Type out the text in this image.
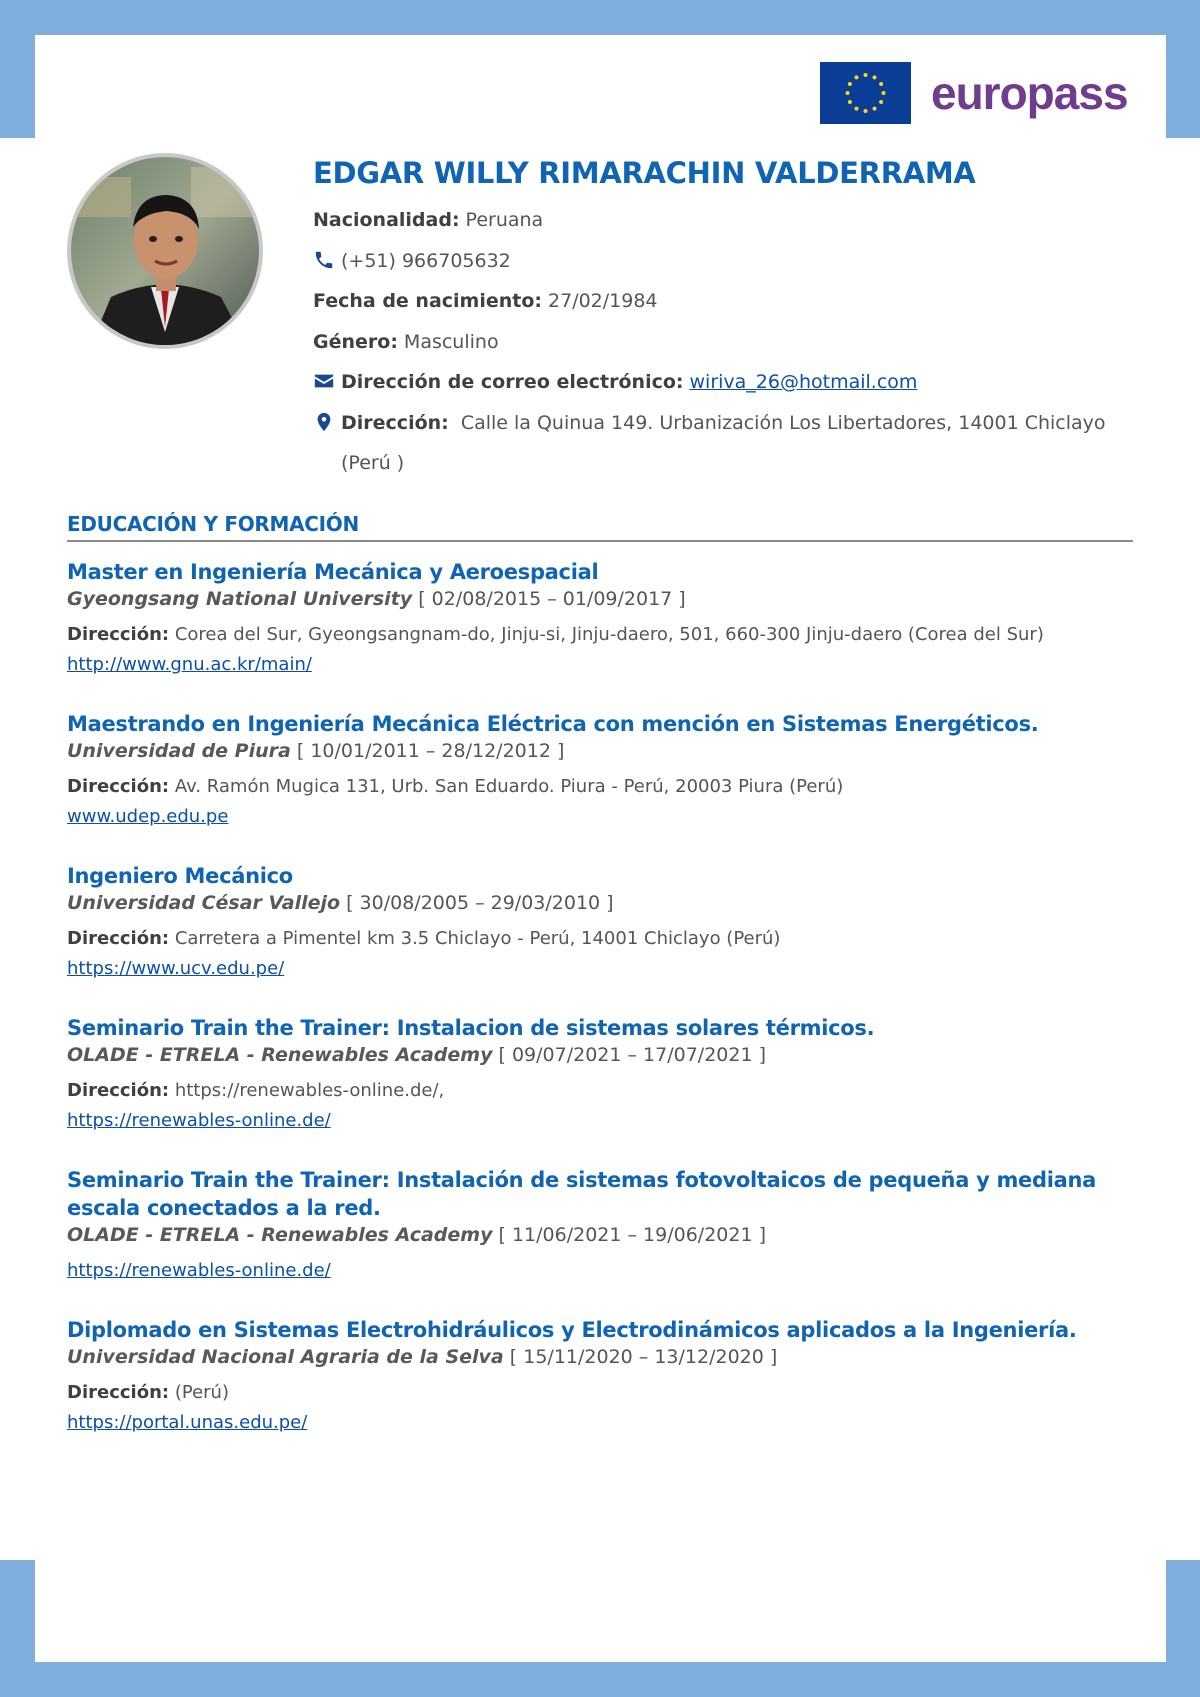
europass
EDGAR WILLY RIMARACHIN VALDERRAMA
Nacionalidad: Peruana
(+51) 966705632
Fecha de nacimiento: 27/02/1984
Género: Masculino
Dirección de correo electrónico: wiriva_26@hotmail.com
Dirección: Calle la Quinua 149. Urbanización Los Libertadores, 14001 Chiclayo (Perú )
EDUCACIÓN Y FORMACIÓN
Master en Ingeniería Mecánica y Aeroespacial
Gyeongsang National University [ 02/08/2015 – 01/09/2017 ]
Dirección: Corea del Sur, Gyeongsangnam-do, Jinju-si, Jinju-daero, 501, 660-300 Jinju-daero (Corea del Sur)
http://www.gnu.ac.kr/main/
Maestrando en Ingeniería Mecánica Eléctrica con mención en Sistemas Energéticos.
Universidad de Piura [ 10/01/2011 – 28/12/2012 ]
Dirección: Av. Ramón Mugica 131, Urb. San Eduardo. Piura - Perú, 20003 Piura (Perú)
www.udep.edu.pe
Ingeniero Mecánico
Universidad César Vallejo [ 30/08/2005 – 29/03/2010 ]
Dirección: Carretera a Pimentel km 3.5 Chiclayo - Perú, 14001 Chiclayo (Perú)
https://www.ucv.edu.pe/
Seminario Train the Trainer: Instalacion de sistemas solares térmicos.
OLADE - ETRELA - Renewables Academy [ 09/07/2021 – 17/07/2021 ]
Dirección: https://renewables-online.de/,
https://renewables-online.de/
Seminario Train the Trainer: Instalación de sistemas fotovoltaicos de pequeña y mediana escala conectados a la red.
OLADE - ETRELA - Renewables Academy [ 11/06/2021 – 19/06/2021 ]
https://renewables-online.de/
Diplomado en Sistemas Electrohidráulicos y Electrodinámicos aplicados a la Ingeniería.
Universidad Nacional Agraria de la Selva [ 15/11/2020 – 13/12/2020 ]
Dirección: (Perú)
https://portal.unas.edu.pe/
